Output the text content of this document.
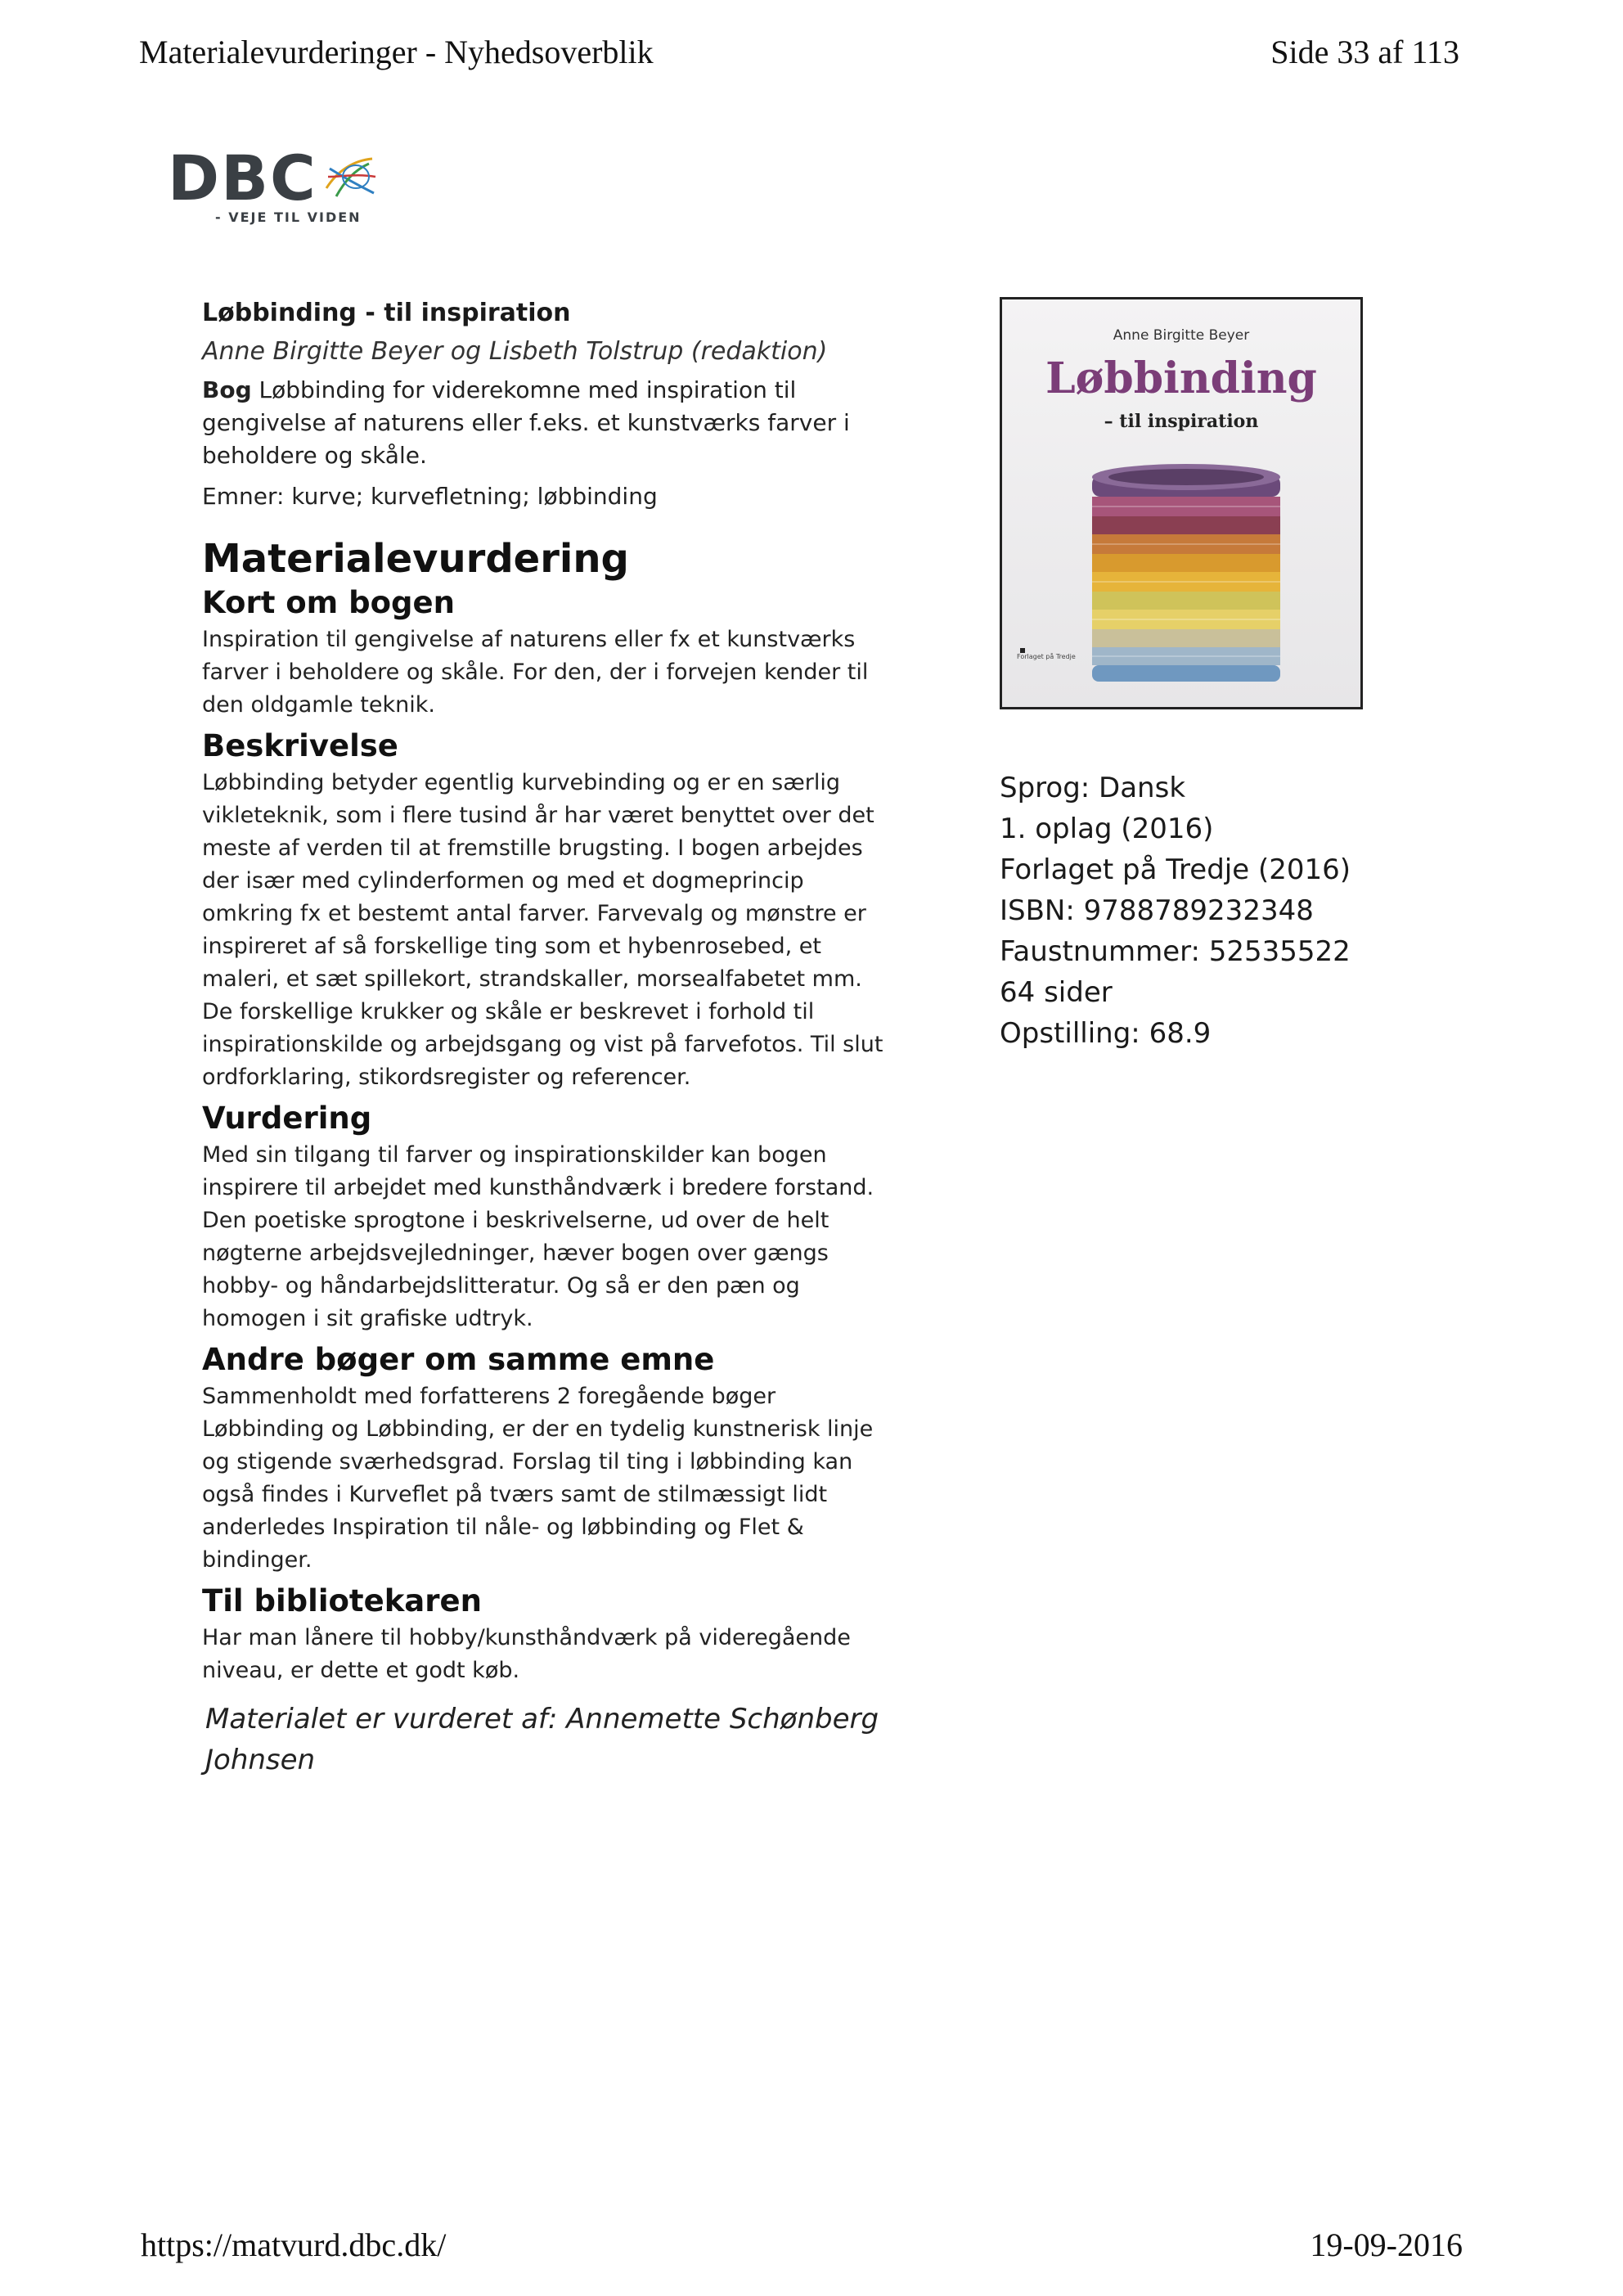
Materialevurderinger - Nyhedsoverblik	Side 33 af 113
DBC
- VEJE TIL VIDEN

Løbbinding - til inspiration

Anne Birgitte Beyer og Lisbeth Tolstrup (redaktion)

Bog Løbbinding for viderekomne med inspiration til gengivelse af naturens eller f.eks. et kunstværks farver i beholdere og skåle.

Emner: kurve; kurvefletning; løbbinding

Materialevurdering

Kort om bogen

Inspiration til gengivelse af naturens eller fx et kunstværks farver i beholdere og skåle. For den, der i forvejen kender til den oldgamle teknik.

Beskrivelse

Løbbinding betyder egentlig kurvebinding og er en særlig vikleteknik, som i flere tusind år har været benyttet over det meste af verden til at fremstille brugsting. I bogen arbejdes der især med cylinderformen og med et dogmeprincip omkring fx et bestemt antal farver. Farvevalg og mønstre er inspireret af så forskellige ting som et hybenrosebed, et maleri, et sæt spillekort, strandskaller, morsealfabetet mm. De forskellige krukker og skåle er beskrevet i forhold til inspirationskilde og arbejdsgang og vist på farvefotos. Til slut ordforklaring, stikordsregister og referencer.

Vurdering

Med sin tilgang til farver og inspirationskilder kan bogen inspirere til arbejdet med kunsthåndværk i bredere forstand. Den poetiske sprogtone i beskrivelserne, ud over de helt nøgterne arbejdsvejledninger, hæver bogen over gængs hobby- og håndarbejdslitteratur. Og så er den pæn og homogen i sit grafiske udtryk.

Andre bøger om samme emne

Sammenholdt med forfatterens 2 foregående bøger Løbbinding og Løbbinding, er der en tydelig kunstnerisk linje og stigende sværhedsgrad. Forslag til ting i løbbinding kan også findes i Kurveflet på tværs samt de stilmæssigt lidt anderledes Inspiration til nåle- og løbbinding og Flet & bindinger.

Til bibliotekaren

Har man lånere til hobby/kunsthåndværk på videregående niveau, er dette et godt køb.

Materialet er vurderet af: Annemette Schønberg
Johnsen
Anne Birgitte Beyer
Løbbinding
– til inspiration
Forlaget på Tredje

Sprog: Dansk

1. oplag (2016)

Forlaget på Tredje (2016)

ISBN: 9788789232348

Faustnummer: 52535522

64 sider

Opstilling: 68.9

https://matvurd.dbc.dk/	19-09-2016
